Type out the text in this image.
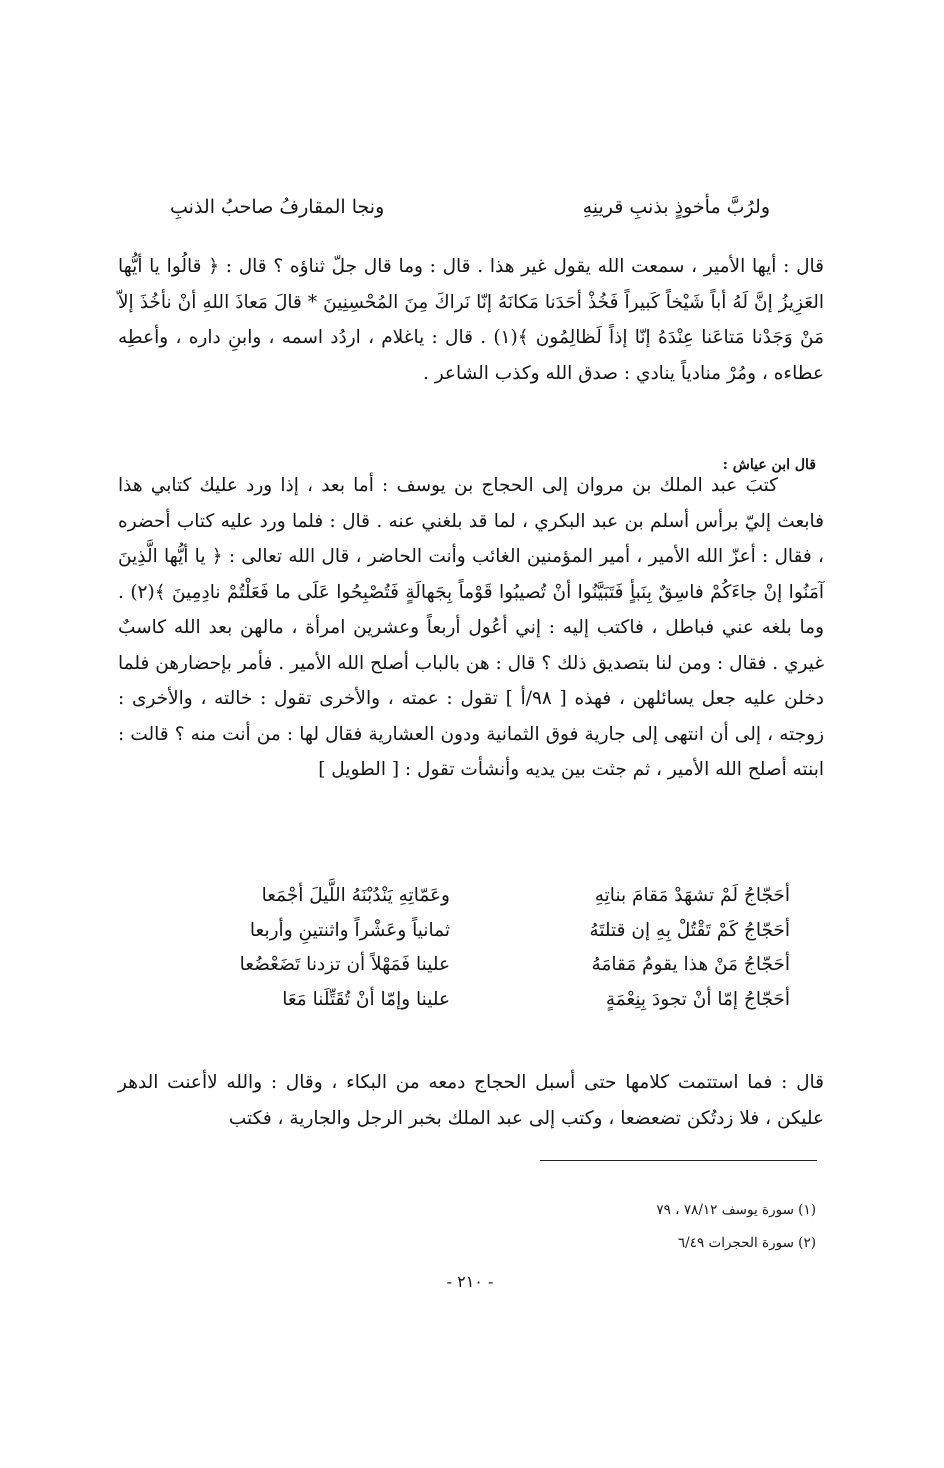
ولرُبَّ مأخوذٍ بذنبِ قرينِهِ
ونجا المقارفُ صاحبُ الذنبِ

قال : أيها الأمير ، سمعت الله يقول غير هذا . قال : وما قال جلّ ثناؤه ؟ قال : ﴿ قالُوا يا أيُّها العَزِيزُ إنَّ لَهُ أباً شَيْخاً كَبيراً فَخُذْ أحَدَنا مَكانَهُ إنّا نَراكَ مِنَ المُحْسِنِينَ * قالَ مَعاذَ اللهِ أنْ نأخُذَ إلاّ مَنْ وَجَدْنا مَتاعَنا عِنْدَهُ إنّا إذاً لَظالِمُون ﴾(١) . قال : ياغلام ، اردُد اسمه ، وابنِ داره ، وأعطِه عطاءه ، ومُرْ منادياً ينادي : صدق الله وكذب الشاعر .

قال ابن عياش :

كتبَ عبد الملك بن مروان إلى الحجاج بن يوسف : أما بعد ، إذا ورد عليك كتابي هذا فابعث إليّ برأس أسلم بن عبد البكري ، لما قد بلغني عنه . قال : فلما ورد عليه كتاب أحضره ، فقال : أعزّ الله الأمير ، أمير المؤمنين الغائب وأنت الحاضر ، قال الله تعالى : ﴿ يا أيُّها الَّذِينَ آمَنُوا إنْ جاءَكُمْ فاسِقٌ بِنَبأٍ فَتَبَيَّنُوا أنْ تُصيبُوا قَوْماً بِجَهالَةٍ فَتُصْبِحُوا عَلَى ما فَعَلْتُمْ نادِمِينَ ﴾(٢) . وما بلغه عني فباطل ، فاكتب إليه : إني أعُول أربعاً وعشرين امرأة ، مالهن بعد الله كاسبٌ غيري . فقال : ومن لنا بتصديق ذلك ؟ قال : هن بالباب أصلح الله الأمير . فأمر بإحضارهن فلما دخلن عليه جعل يسائلهن ، فهذه [ ٩٨/أ ] تقول : عمته ، والأخرى تقول : خالته ، والأخرى : زوجته ، إلى أن انتهى إلى جارية فوق الثمانية ودون العشارية فقال لها : من أنت منه ؟ قالت : ابنته أصلح الله الأمير ، ثم جثت بين يديه وأنشأت تقول : [ الطويل ]

أحَجّاجُ لَمْ تشهَدْ مَقامَ بناتِهِ
وعَمّاتِهِ يَنْدُبْنَهُ اللَّيلَ أجْمَعا
أحَجّاجُ كَمْ تَقْتُلْ بِهِ إن قتلتَهُ
ثمانياً وعَشْراً واثنتينِ وأربعا
أحَجّاجُ مَنْ هذا يقومُ مَقامَهُ
علينا فَمَهْلاً أن تزدنا تَضَعْضُعا
أحَجّاجُ إمّا أنْ تجودَ بِنِعْمَةٍ
علينا وإمّا أنْ تُقَتِّلَنا مَعَا

قال : فما استتمت كلامها حتى أسبل الحجاج دمعه من البكاء ، وقال : والله لاأعنت الدهر عليكن ، فلا زدتُكن تضعضعا ، وكتب إلى عبد الملك بخبر الرجل والجارية ، فكتب

(١) سورة يوسف ٧٨/١٢ ، ٧٩

(٢) سورة الحجرات ٦/٤٩

- ٢١٠ -
